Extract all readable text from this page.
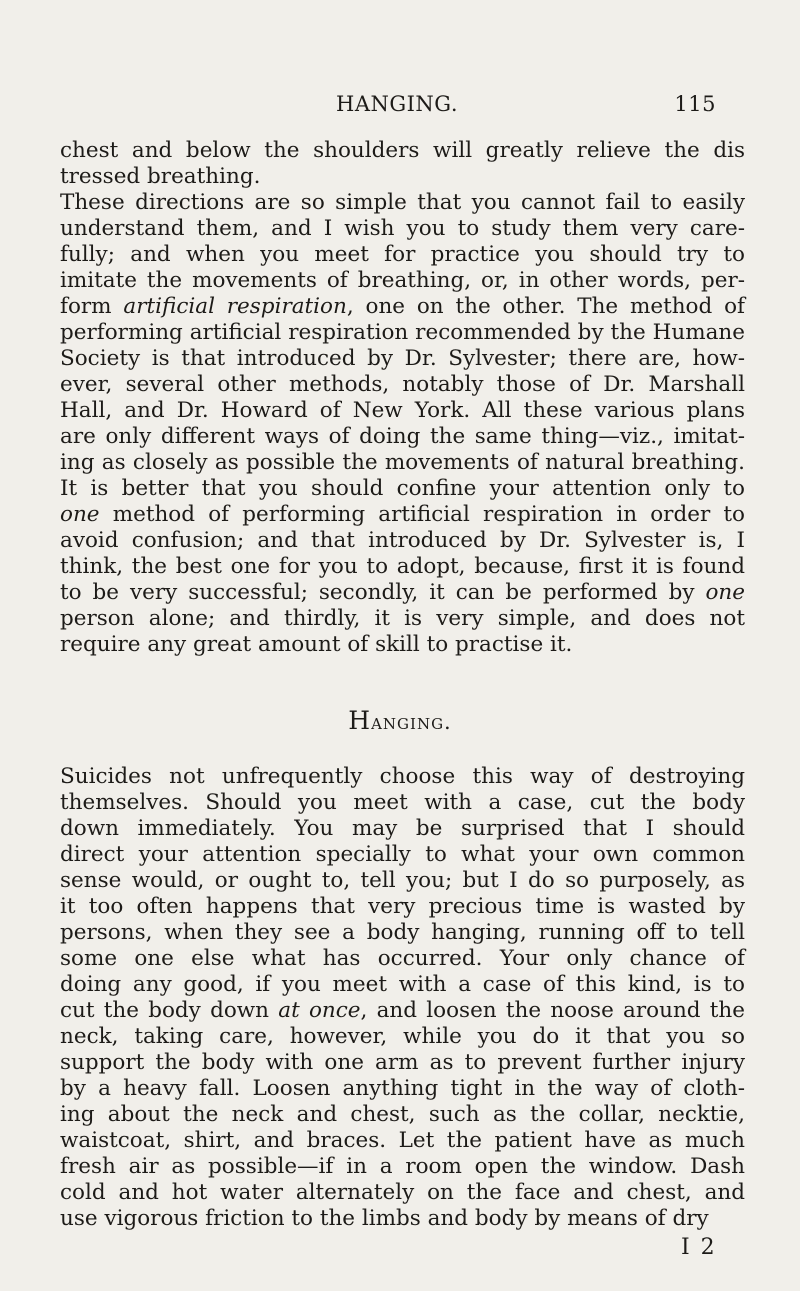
HANGING.	115

chest and below the shoulders will greatly relieve the dis
tressed breathing.

These directions are so simple that you cannot fail to easily
understand them, and I wish you to study them very care-
fully; and when you meet for practice you should try to
imitate the movements of breathing, or, in other words, per-
form artificial respiration, one on the other. The method of
performing artificial respiration recommended by the Humane
Society is that introduced by Dr. Sylvester; there are, how-
ever, several other methods, notably those of Dr. Marshall
Hall, and Dr. Howard of New York. All these various plans
are only different ways of doing the same thing—viz., imitat-
ing as closely as possible the movements of natural breathing.
It is better that you should confine your attention only to
one method of performing artificial respiration in order to
avoid confusion; and that introduced by Dr. Sylvester is, I
think, the best one for you to adopt, because, first it is found
to be very successful; secondly, it can be performed by one
person alone; and thirdly, it is very simple, and does not
require any great amount of skill to practise it.

Hanging.

Suicides not unfrequently choose this way of destroying
themselves. Should you meet with a case, cut the body
down immediately. You may be surprised that I should
direct your attention specially to what your own common
sense would, or ought to, tell you; but I do so purposely, as
it too often happens that very precious time is wasted by
persons, when they see a body hanging, running off to tell
some one else what has occurred. Your only chance of
doing any good, if you meet with a case of this kind, is to
cut the body down at once, and loosen the noose around the
neck, taking care, however, while you do it that you so
support the body with one arm as to prevent further injury
by a heavy fall. Loosen anything tight in the way of cloth-
ing about the neck and chest, such as the collar, necktie,
waistcoat, shirt, and braces. Let the patient have as much
fresh air as possible—if in a room open the window. Dash
cold and hot water alternately on the face and chest, and
use vigorous friction to the limbs and body by means of dry

I 2
